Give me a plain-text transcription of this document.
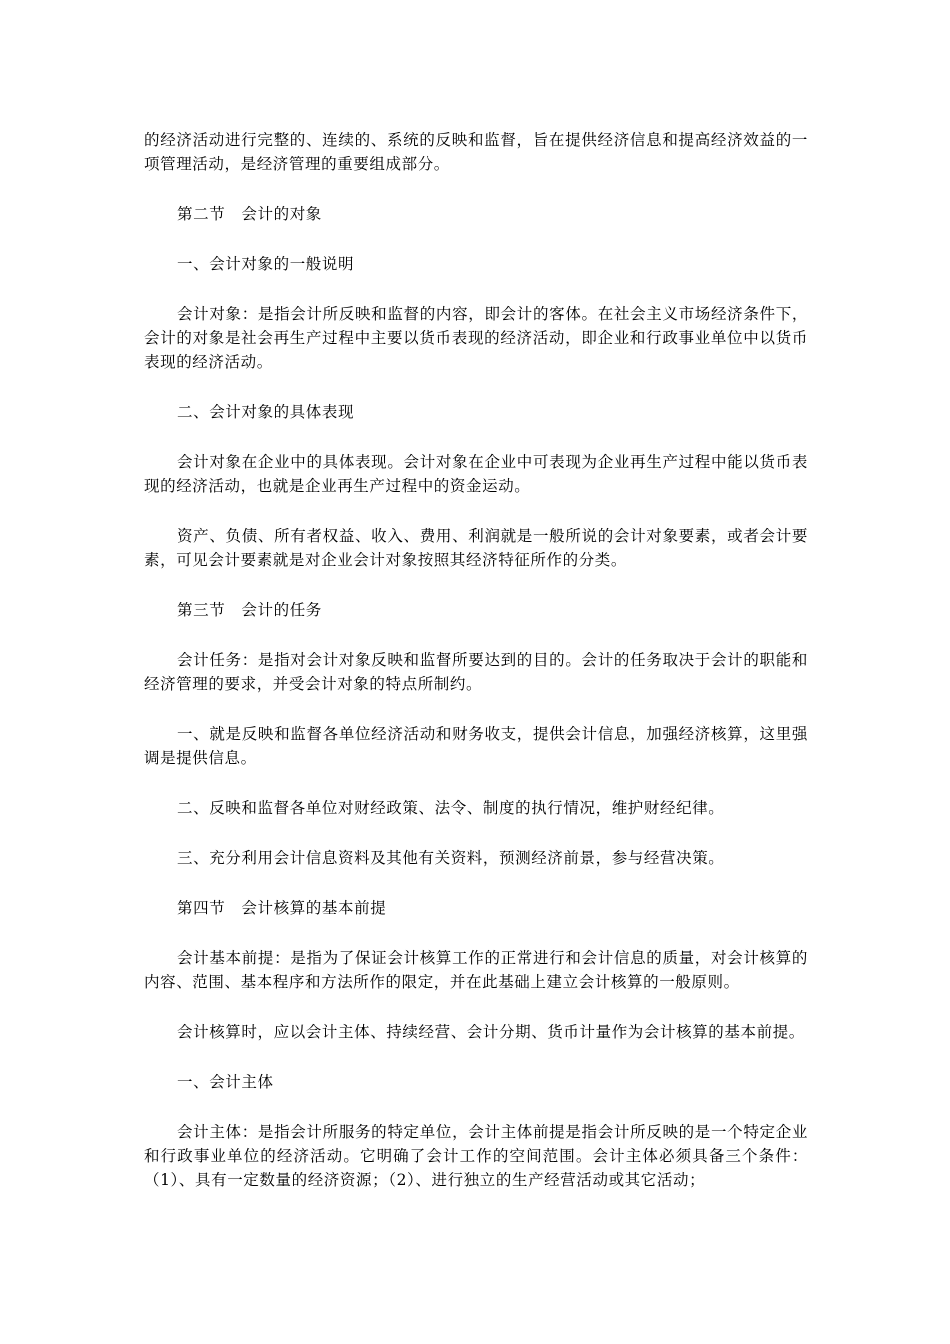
的经济活动进行完整的、连续的、系统的反映和监督，旨在提供经济信息和提高经济效益的一项管理活动，是经济管理的重要组成部分。

第二节　会计的对象

一、会计对象的一般说明

会计对象：是指会计所反映和监督的内容，即会计的客体。在社会主义市场经济条件下，会计的对象是社会再生产过程中主要以货币表现的经济活动，即企业和行政事业单位中以货币表现的经济活动。

二、会计对象的具体表现

会计对象在企业中的具体表现。会计对象在企业中可表现为企业再生产过程中能以货币表现的经济活动，也就是企业再生产过程中的资金运动。

资产、负债、所有者权益、收入、费用、利润就是一般所说的会计对象要素，或者会计要素，可见会计要素就是对企业会计对象按照其经济特征所作的分类。

第三节　会计的任务

会计任务：是指对会计对象反映和监督所要达到的目的。会计的任务取决于会计的职能和经济管理的要求，并受会计对象的特点所制约。

一、就是反映和监督各单位经济活动和财务收支，提供会计信息，加强经济核算，这里强调是提供信息。

二、反映和监督各单位对财经政策、法令、制度的执行情况，维护财经纪律。

三、充分利用会计信息资料及其他有关资料，预测经济前景，参与经营决策。

第四节　会计核算的基本前提

会计基本前提：是指为了保证会计核算工作的正常进行和会计信息的质量，对会计核算的内容、范围、基本程序和方法所作的限定，并在此基础上建立会计核算的一般原则。

会计核算时，应以会计主体、持续经营、会计分期、货币计量作为会计核算的基本前提。

一、会计主体

会计主体：是指会计所服务的特定单位，会计主体前提是指会计所反映的是一个特定企业和行政事业单位的经济活动。它明确了会计工作的空间范围。会计主体必须具备三个条件：（1）、具有一定数量的经济资源；（2）、进行独立的生产经营活动或其它活动；
